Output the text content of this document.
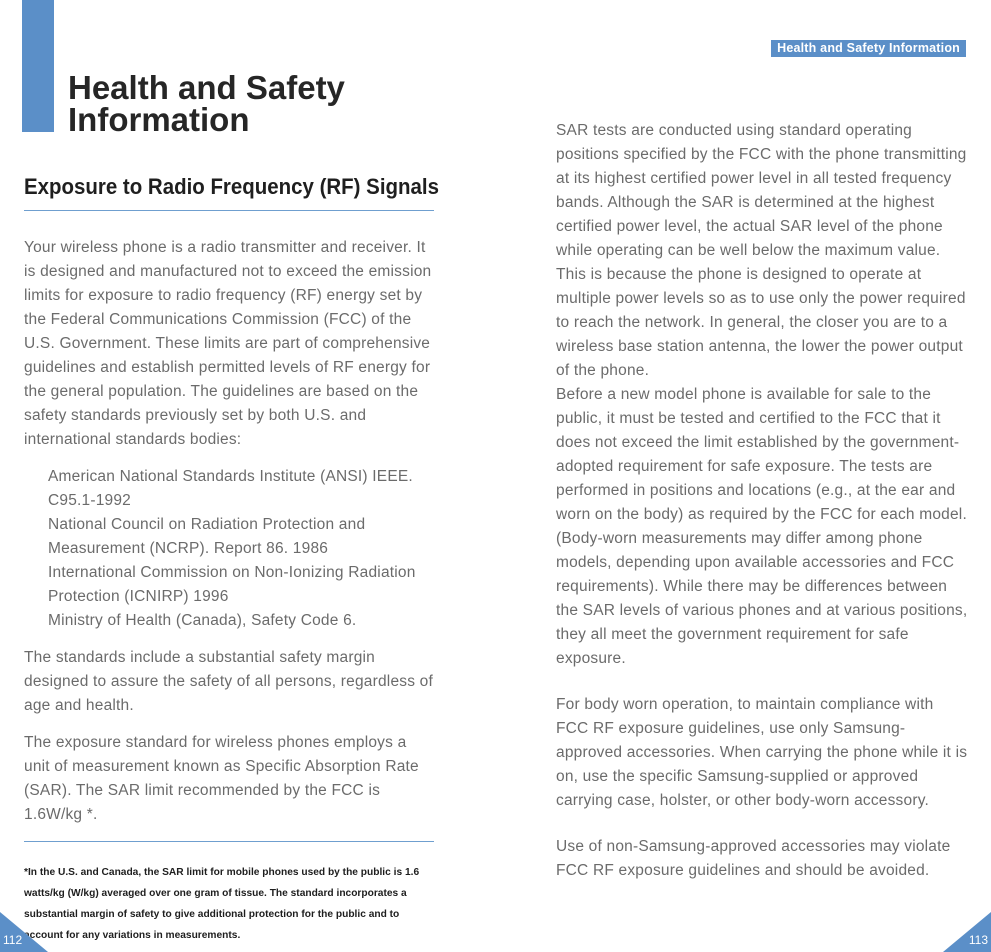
Health and Safety
Information
Exposure to Radio Frequency (RF) Signals

Your wireless phone is a radio transmitter and receiver. It is designed and manufactured not to exceed the emission limits for exposure to radio frequency (RF) energy set by the Federal Communications Commission (FCC) of the U.S. Government. These limits are part of comprehensive guidelines and establish permitted levels of RF energy for the general population. The guidelines are based on the safety standards previously set by both U.S. and international standards bodies:

American National Standards Institute (ANSI) IEEE. C95.1-1992
National Council on Radiation Protection and Measurement (NCRP). Report 86. 1986
International Commission on Non-Ionizing Radiation Protection (ICNIRP) 1996
Ministry of Health (Canada), Safety Code 6.

The standards include a substantial safety margin designed to assure the safety of all persons, regardless of age and health.

The exposure standard for wireless phones employs a unit of measurement known as Specific Absorption Rate (SAR). The SAR limit recommended by the FCC is 1.6W/kg *.

*In the U.S. and Canada, the SAR limit for mobile phones used by the public is 1.6 watts/kg (W/kg) averaged over one gram of tissue. The standard incorporates a substantial margin of safety to give additional protection for the public and to account for any variations in measurements.

Health and Safety Information
SAR tests are conducted using standard operating positions specified by the FCC with the phone transmitting at its highest certified power level in all tested frequency bands. Although the SAR is determined at the highest certified power level, the actual SAR level of the phone while operating can be well below the maximum value. This is because the phone is designed to operate at multiple power levels so as to use only the power required to reach the network. In general, the closer you are to a wireless base station antenna, the lower the power output of the phone.
Before a new model phone is available for sale to the public, it must be tested and certified to the FCC that it does not exceed the limit established by the government-adopted requirement for safe exposure. The tests are performed in positions and locations (e.g., at the ear and worn on the body) as required by the FCC for each model. (Body-worn measurements may differ among phone models, depending upon available accessories and FCC requirements). While there may be differences between the SAR levels of various phones and at various positions, they all meet the government requirement for safe exposure.

For body worn operation, to maintain compliance with FCC RF exposure guidelines, use only Samsung-approved accessories. When carrying the phone while it is on, use the specific Samsung-supplied or approved carrying case, holster, or other body-worn accessory.

Use of non-Samsung-approved accessories may violate FCC RF exposure guidelines and should be avoided.

112	113
